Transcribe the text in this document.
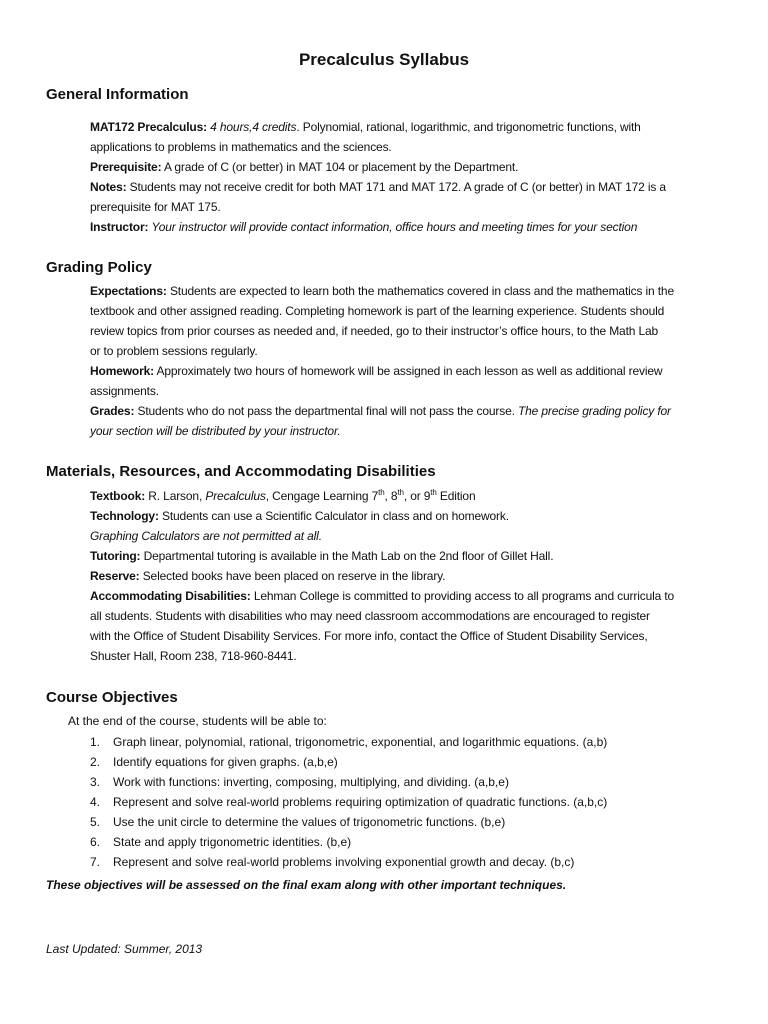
Precalculus Syllabus
General Information
MAT172 Precalculus: 4 hours,4 credits. Polynomial, rational, logarithmic, and trigonometric functions, with
applications to problems in mathematics and the sciences.
Prerequisite: A grade of C (or better) in MAT 104 or placement by the Department.
Notes: Students may not receive credit for both MAT 171 and MAT 172. A grade of C (or better) in MAT 172 is a
prerequisite for MAT 175.
Instructor: Your instructor will provide contact information, office hours and meeting times for your section
Grading Policy
Expectations: Students are expected to learn both the mathematics covered in class and the mathematics in the
textbook and other assigned reading. Completing homework is part of the learning experience. Students should
review topics from prior courses as needed and, if needed, go to their instructor’s office hours, to the Math Lab
or to problem sessions regularly.
Homework: Approximately two hours of homework will be assigned in each lesson as well as additional review
assignments.
Grades: Students who do not pass the departmental final will not pass the course. The precise grading policy for
your section will be distributed by your instructor.
Materials, Resources, and Accommodating Disabilities
Textbook: R. Larson, Precalculus, Cengage Learning 7th, 8th, or 9th Edition
Technology: Students can use a Scientific Calculator in class and on homework.
Graphing Calculators are not permitted at all.
Tutoring: Departmental tutoring is available in the Math Lab on the 2nd floor of Gillet Hall.
Reserve: Selected books have been placed on reserve in the library.
Accommodating Disabilities: Lehman College is committed to providing access to all programs and curricula to
all students. Students with disabilities who may need classroom accommodations are encouraged to register
with the Office of Student Disability Services. For more info, contact the Office of Student Disability Services,
Shuster Hall, Room 238, 718-960-8441.
Course Objectives
At the end of the course, students will be able to:
1. Graph linear, polynomial, rational, trigonometric, exponential, and logarithmic equations. (a,b)
2. Identify equations for given graphs. (a,b,e)
3. Work with functions: inverting, composing, multiplying, and dividing. (a,b,e)
4. Represent and solve real-world problems requiring optimization of quadratic functions. (a,b,c)
5. Use the unit circle to determine the values of trigonometric functions. (b,e)
6. State and apply trigonometric identities. (b,e)
7. Represent and solve real-world problems involving exponential growth and decay. (b,c)
These objectives will be assessed on the final exam along with other important techniques.
Last Updated: Summer, 2013
